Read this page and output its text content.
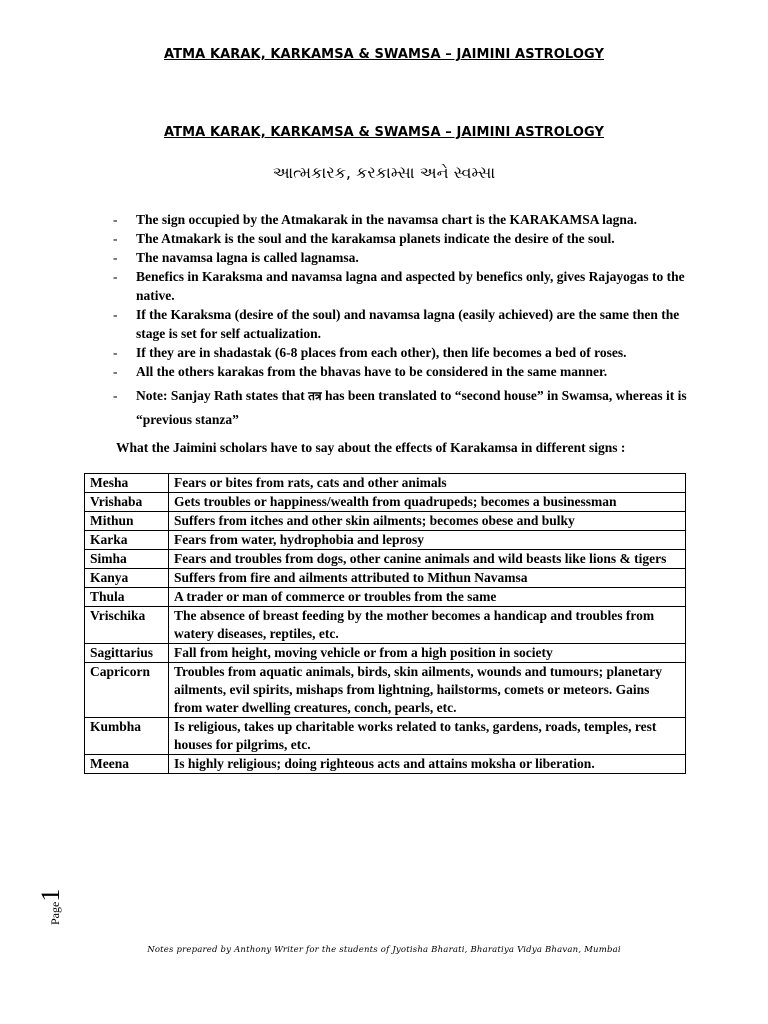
ATMA KARAK, KARKAMSA & SWAMSA – JAIMINI ASTROLOGY
ATMA KARAK, KARKAMSA & SWAMSA – JAIMINI ASTROLOGY
આત્મકારક, કરકામ્સા અને સ્વમ્સા
- The sign occupied by the Atmakarak in the navamsa chart is the KARAKAMSA lagna.
- The Atmakark is the soul and the karakamsa planets indicate the desire of the soul.
- The navamsa lagna is called lagnamsa.
- Benefics in Karaksma and navamsa lagna and aspected by benefics only, gives Rajayogas to the native.
- If the Karaksma (desire of the soul) and navamsa lagna (easily achieved) are the same then the stage is set for self actualization.
- If they are in shadastak (6-8 places from each other), then life becomes a bed of roses.
- All the others karakas from the bhavas have to be considered in the same manner.
- Note: Sanjay Rath states that तत्र has been translated to “second house” in Swamsa, whereas it is “previous stanza”
What the Jaimini scholars have to say about the effects of Karakamsa in different signs :
Mesha	Fears or bites from rats, cats and other animals
Vrishaba	Gets troubles or happiness/wealth from quadrupeds; becomes a businessman
Mithun	Suffers from itches and other skin ailments; becomes obese and bulky
Karka	Fears from water, hydrophobia and leprosy
Simha	Fears and troubles from dogs, other canine animals and wild beasts like lions & tigers
Kanya	Suffers from fire and ailments attributed to Mithun Navamsa
Thula	A trader or man of commerce or troubles from the same
Vrischika	The absence of breast feeding by the mother becomes a handicap and troubles from watery diseases, reptiles, etc.
Sagittarius	Fall from height, moving vehicle or from a high position in society
Capricorn	Troubles from aquatic animals, birds, skin ailments, wounds and tumours; planetary ailments, evil spirits, mishaps from lightning, hailstorms, comets or meteors. Gains from water dwelling creatures, conch, pearls, etc.
Kumbha	Is religious, takes up charitable works related to tanks, gardens, roads, temples, rest houses for pilgrims, etc.
Meena	Is highly religious; doing righteous acts and attains moksha or liberation.
Page1
Notes prepared by Anthony Writer for the students of Jyotisha Bharati, Bharatiya Vidya Bhavan, Mumbai
